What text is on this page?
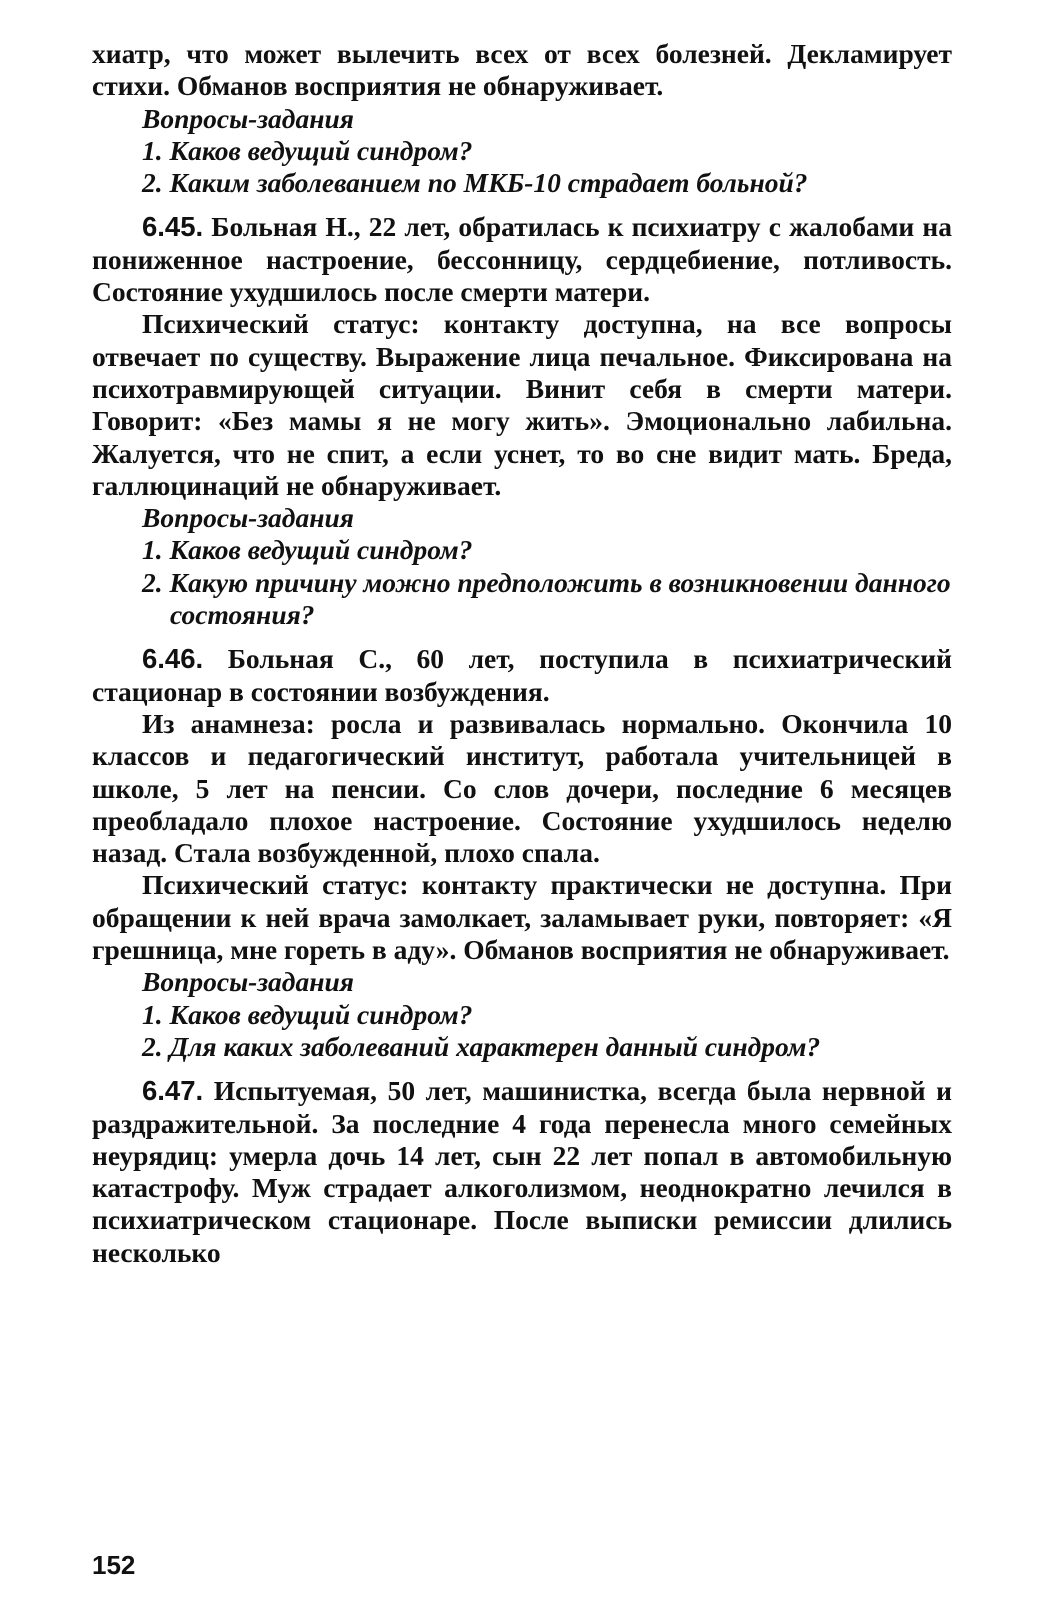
хиатр, что может вылечить всех от всех болезней. Декламирует стихи. Обманов восприятия не обнаруживает.

Вопросы-задания

1. Каков ведущий синдром?

2. Каким заболеванием по МКБ-10 страдает больной?

6.45. Больная Н., 22 лет, обратилась к психиатру с жалобами на пониженное настроение, бессонницу, сердцебиение, потливость. Состояние ухудшилось после смерти матери.

Психический статус: контакту доступна, на все вопросы отвечает по существу. Выражение лица печальное. Фиксирована на психотравмирующей ситуации. Винит себя в смерти матери. Говорит: «Без мамы я не могу жить». Эмоционально лабильна. Жалуется, что не спит, а если уснет, то во сне видит мать. Бреда, галлюцинаций не обнаруживает.

Вопросы-задания

1. Каков ведущий синдром?

2. Какую причину можно предположить в возникновении данного состояния?

6.46. Больная С., 60 лет, поступила в психиатрический стационар в состоянии возбуждения.

Из анамнеза: росла и развивалась нормально. Окончила 10 классов и педагогический институт, работала учительницей в школе, 5 лет на пенсии. Со слов дочери, последние 6 месяцев преобладало плохое настроение. Состояние ухудшилось неделю назад. Стала возбужденной, плохо спала.

Психический статус: контакту практически не доступна. При обращении к ней врача замолкает, заламывает руки, повторяет: «Я грешница, мне гореть в аду». Обманов восприятия не обнаруживает.

Вопросы-задания

1. Каков ведущий синдром?

2. Для каких заболеваний характерен данный синдром?

6.47. Испытуемая, 50 лет, машинистка, всегда была нервной и раздражительной. За последние 4 года перенесла много семейных неурядиц: умерла дочь 14 лет, сын 22 лет попал в автомобильную катастрофу. Муж страдает алкоголизмом, неоднократно лечился в психиатрическом стационаре. После выписки ремиссии длились несколько

152
